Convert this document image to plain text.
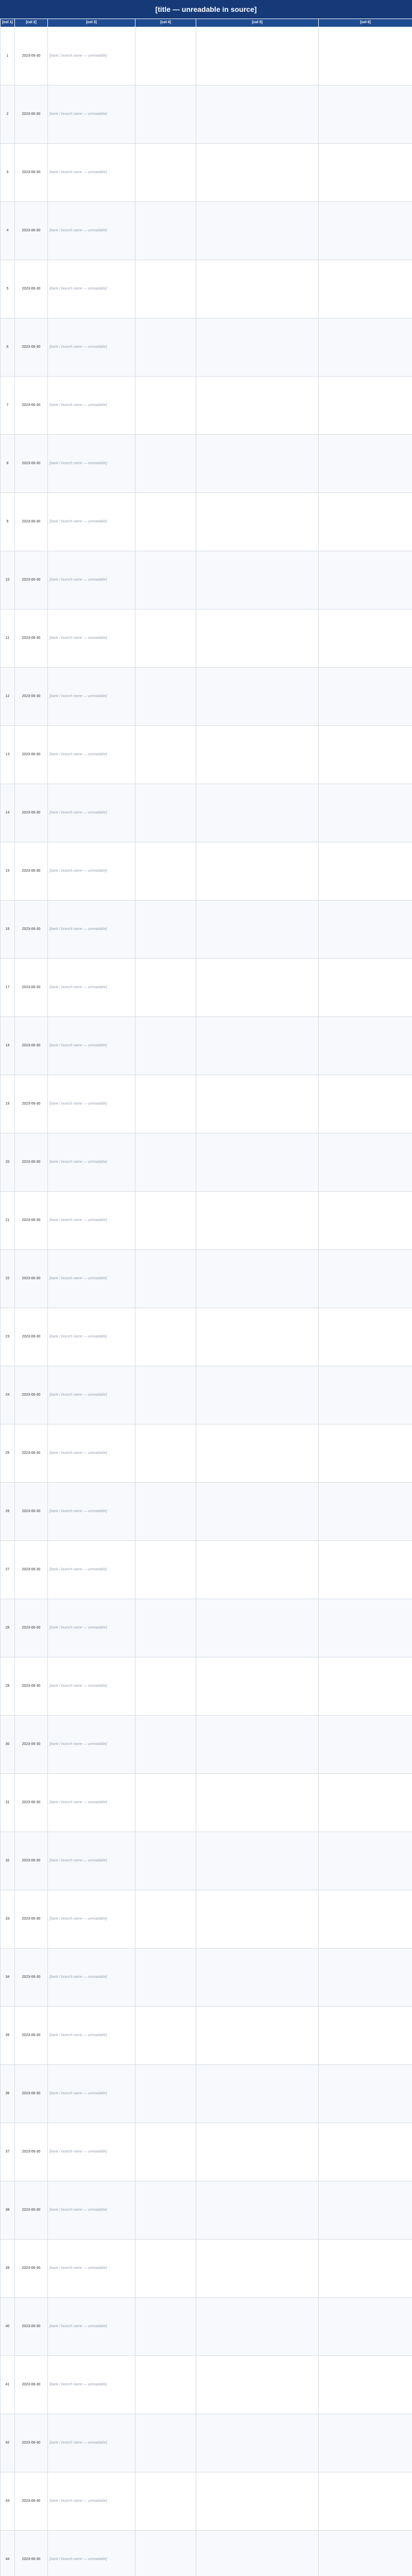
[title — unreadable in source]
[col 1]	[col 2]	[col 3]	[col 4]	[col 5]	[col 6]
1	2023-06-30	[bank / branch name — unreadable]			
2	2023-06-30	[bank / branch name — unreadable]			
3	2023-06-30	[bank / branch name — unreadable]			
4	2023-06-30	[bank / branch name — unreadable]			
5	2023-06-30	[bank / branch name — unreadable]			
6	2023-06-30	[bank / branch name — unreadable]			
7	2023-06-30	[bank / branch name — unreadable]			
8	2023-06-30	[bank / branch name — unreadable]			
9	2023-06-30	[bank / branch name — unreadable]			
10	2023-06-30	[bank / branch name — unreadable]			
11	2023-06-30	[bank / branch name — unreadable]			
12	2023-06-30	[bank / branch name — unreadable]			
13	2023-06-30	[bank / branch name — unreadable]			
14	2023-06-30	[bank / branch name — unreadable]			
15	2023-06-30	[bank / branch name — unreadable]			
16	2023-06-30	[bank / branch name — unreadable]			
17	2023-06-30	[bank / branch name — unreadable]			
18	2023-06-30	[bank / branch name — unreadable]			
19	2023-06-30	[bank / branch name — unreadable]			
20	2023-06-30	[bank / branch name — unreadable]			
21	2023-06-30	[bank / branch name — unreadable]			
22	2023-06-30	[bank / branch name — unreadable]			
23	2023-06-30	[bank / branch name — unreadable]			
24	2023-06-30	[bank / branch name — unreadable]			
25	2023-06-30	[bank / branch name — unreadable]			
26	2023-06-30	[bank / branch name — unreadable]			
27	2023-06-30	[bank / branch name — unreadable]			
28	2023-06-30	[bank / branch name — unreadable]			
29	2023-06-30	[bank / branch name — unreadable]			
30	2023-06-30	[bank / branch name — unreadable]			
31	2023-06-30	[bank / branch name — unreadable]			
32	2023-06-30	[bank / branch name — unreadable]			
33	2023-06-30	[bank / branch name — unreadable]			
34	2023-06-30	[bank / branch name — unreadable]			
35	2023-06-30	[bank / branch name — unreadable]			
36	2023-06-30	[bank / branch name — unreadable]			
37	2023-06-30	[bank / branch name — unreadable]			
38	2023-06-30	[bank / branch name — unreadable]			
39	2023-06-30	[bank / branch name — unreadable]			
40	2023-06-30	[bank / branch name — unreadable]			
41	2023-06-30	[bank / branch name — unreadable]			
42	2023-06-30	[bank / branch name — unreadable]			
43	2023-06-30	[bank / branch name — unreadable]			
44	2023-06-30	[bank / branch name — unreadable]			
